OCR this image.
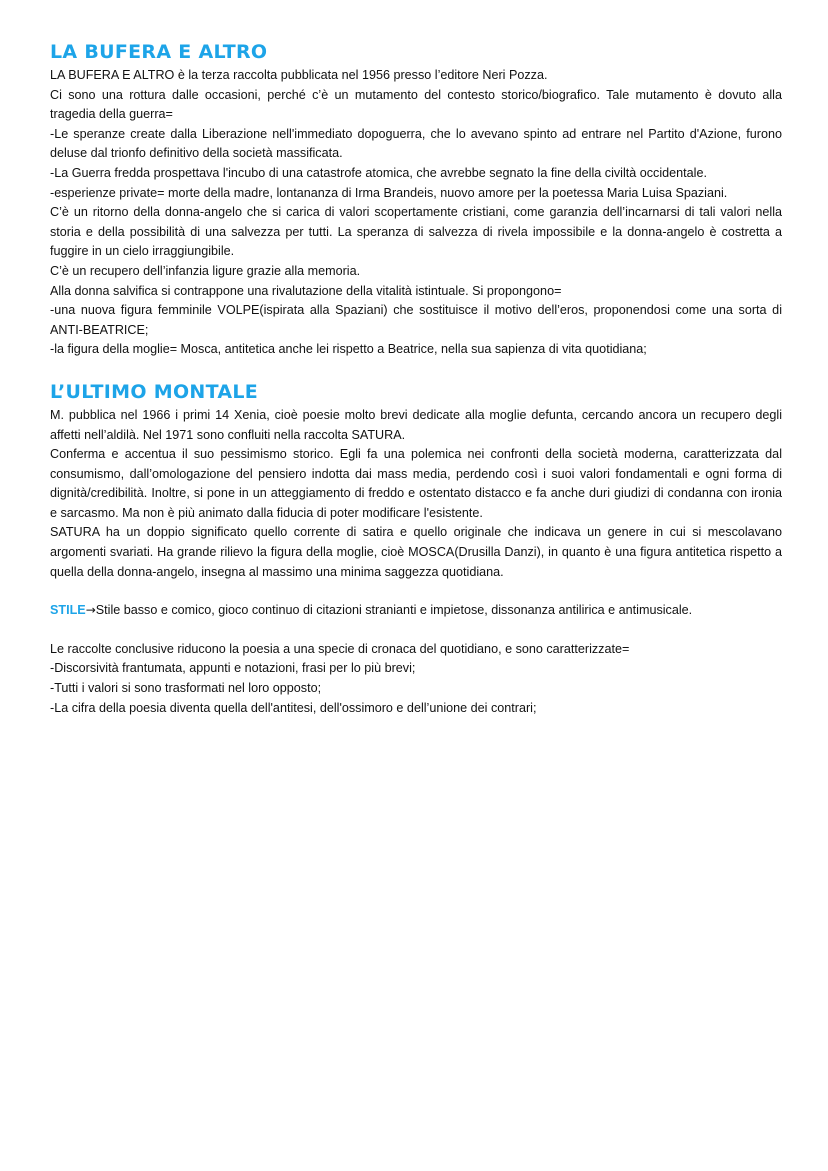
LA BUFERA E ALTRO

LA BUFERA E ALTRO è la terza raccolta pubblicata nel 1956 presso l’editore Neri Pozza.

Ci sono una rottura dalle occasioni, perché c’è un mutamento del contesto storico/biografico. Tale mutamento è dovuto alla tragedia della guerra=

-Le speranze create dalla Liberazione nell'immediato dopoguerra, che lo avevano spinto ad entrare nel Partito d'Azione, furono deluse dal trionfo definitivo della società massificata.

-La Guerra fredda prospettava l'incubo di una catastrofe atomica, che avrebbe segnato la fine della civiltà occidentale.

-esperienze private= morte della madre, lontananza di Irma Brandeis, nuovo amore per la poetessa Maria Luisa Spaziani.

C’è un ritorno della donna-angelo che si carica di valori scopertamente cristiani, come garanzia dell’incarnarsi di tali valori nella storia e della possibilità di una salvezza per tutti. La speranza di salvezza di rivela impossibile e la donna-angelo è costretta a fuggire in un cielo irraggiungibile.

C’è un recupero dell’infanzia ligure grazie alla memoria.

Alla donna salvifica si contrappone una rivalutazione della vitalità istintuale. Si propongono=

-una nuova figura femminile VOLPE(ispirata alla Spaziani) che sostituisce il motivo dell’eros, proponendosi come una sorta di ANTI-BEATRICE;

-la figura della moglie= Mosca, antitetica anche lei rispetto a Beatrice, nella sua sapienza di vita quotidiana;

L’ULTIMO MONTALE

M. pubblica nel 1966 i primi 14 Xenia, cioè poesie molto brevi dedicate alla moglie defunta, cercando ancora un recupero degli affetti nell’aldilà. Nel 1971 sono confluiti nella raccolta SATURA.

Conferma e accentua il suo pessimismo storico. Egli fa una polemica nei confronti della società moderna, caratterizzata dal consumismo, dall’omologazione del pensiero indotta dai mass media, perdendo così i suoi valori fondamentali e ogni forma di dignità/credibilità. Inoltre, si pone in un atteggiamento di freddo e ostentato distacco e fa anche duri giudizi di condanna con ironia e sarcasmo. Ma non è più animato dalla fiducia di poter modificare l'esistente.

SATURA ha un doppio significato quello corrente di satira e quello originale che indicava un genere in cui si mescolavano argomenti svariati. Ha grande rilievo la figura della moglie, cioè MOSCA(Drusilla Danzi), in quanto è una figura antitetica rispetto a quella della donna-angelo, insegna al massimo una minima saggezza quotidiana.

STILE→Stile basso e comico, gioco continuo di citazioni stranianti e impietose, dissonanza antilirica e antimusicale.

Le raccolte conclusive riducono la poesia a una specie di cronaca del quotidiano, e sono caratterizzate=

-Discorsività frantumata, appunti e notazioni, frasi per lo più brevi;

-Tutti i valori si sono trasformati nel loro opposto;

-La cifra della poesia diventa quella dell'antitesi, dell'ossimoro e dell’unione dei contrari;
